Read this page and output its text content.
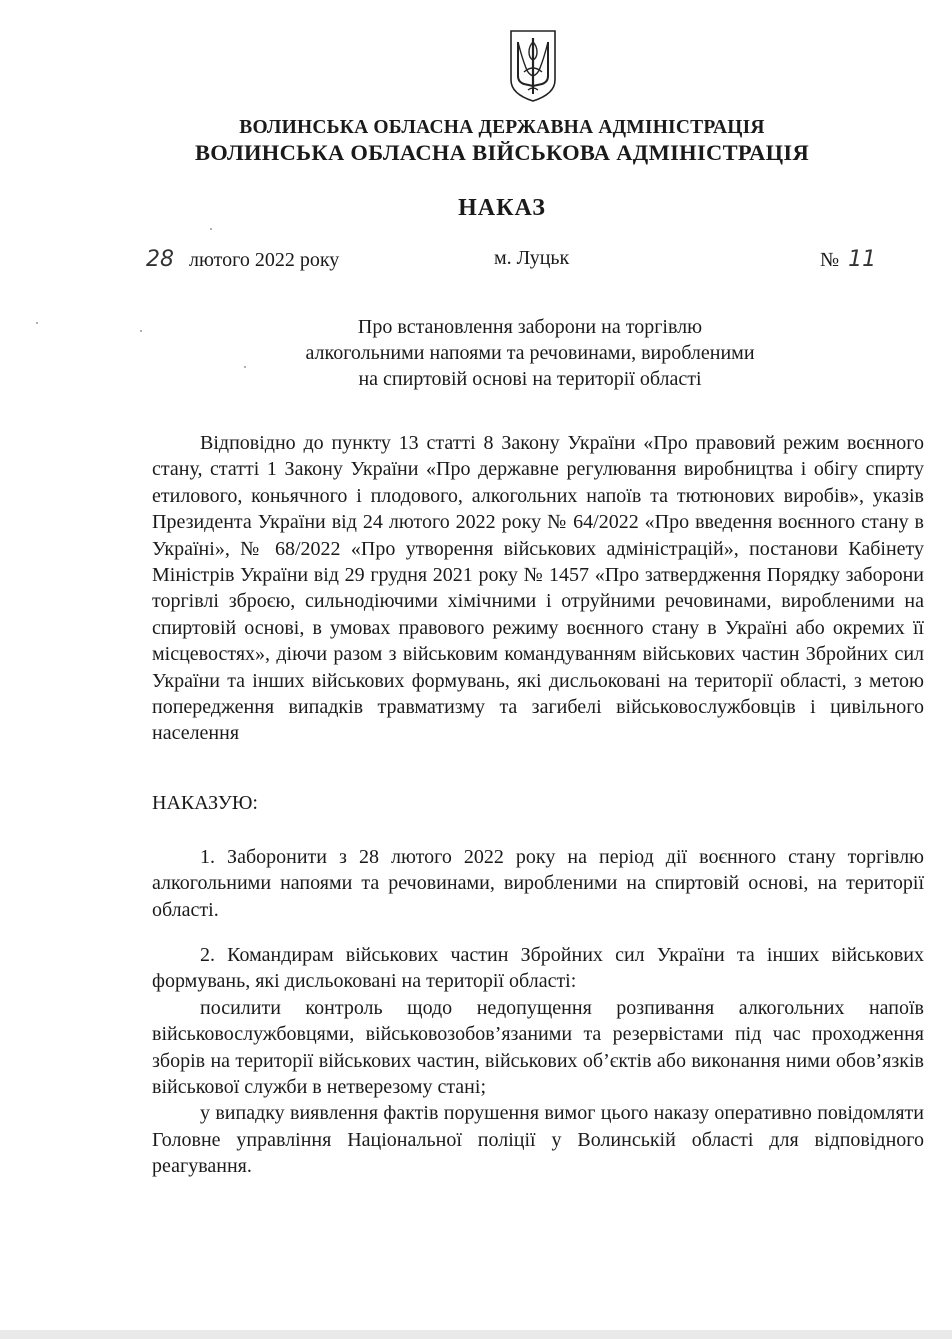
ВОЛИНСЬКА ОБЛАСНА ДЕРЖАВНА АДМІНІСТРАЦІЯ
ВОЛИНСЬКА ОБЛАСНА ВІЙСЬКОВА АДМІНІСТРАЦІЯ
НАКАЗ
28 лютого 2022 року	м. Луцьк	№ 11
Про встановлення заборони на торгівлю
алкогольними напоями та речовинами, виробленими
на спиртовій основі на території області

Відповідно до пункту 13 статті 8 Закону України «Про правовий режим воєнного стану, статті 1 Закону України «Про державне регулювання виробництва і обігу спирту етилового, коньячного і плодового, алкогольних напоїв та тютюнових виробів», указів Президента України від 24 лютого 2022 року № 64/2022 «Про введення воєнного стану в Україні», № 68/2022 «Про утворення військових адміністрацій», постанови Кабінету Міністрів України від 29 грудня 2021 року № 1457 «Про затвердження Порядку заборони торгівлі зброєю, сильнодіючими хімічними і отруйними речовинами, виробленими на спиртовій основі, в умовах правового режиму воєнного стану в Україні або окремих її місцевостях», діючи разом з військовим командуванням військових частин Збройних сил України та інших військових формувань, які дисльоковані на території області, з метою попередження випадків травматизму та загибелі військовослужбовців і цивільного населення

НАКАЗУЮ:

1. Заборонити з 28 лютого 2022 року на період дії воєнного стану торгівлю алкогольними напоями та речовинами, виробленими на спиртовій основі, на території області.

2. Командирам військових частин Збройних сил України та інших військових формувань, які дисльоковані на території області:

посилити контроль щодо недопущення розпивання алкогольних напоїв військовослужбовцями, військовозобов’язаними та резервістами під час проходження зборів на території військових частин, військових об’єктів або виконання ними обов’язків військової служби в нетверезому стані;

у випадку виявлення фактів порушення вимог цього наказу оперативно повідомляти Головне управління Національної поліції у Волинській області для відповідного реагування.
